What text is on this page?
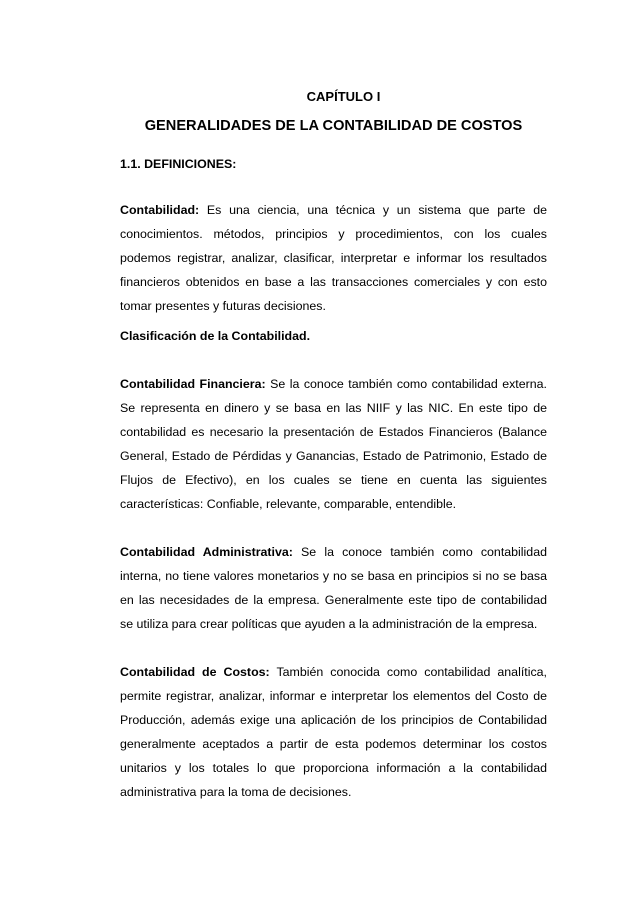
CAPÍTULO I

GENERALIDADES DE LA CONTABILIDAD DE COSTOS

1.1. DEFINICIONES:

Contabilidad: Es una ciencia, una técnica y un sistema que parte de conocimientos. métodos, principios y procedimientos, con los cuales podemos registrar, analizar, clasificar, interpretar e informar los resultados financieros obtenidos en base a las transacciones comerciales y con esto tomar presentes y futuras decisiones.

Clasificación de la Contabilidad.

Contabilidad Financiera: Se la conoce también como contabilidad externa. Se representa en dinero y se basa en las NIIF y las NIC. En este tipo de contabilidad es necesario la presentación de Estados Financieros (Balance General, Estado de Pérdidas y Ganancias, Estado de Patrimonio, Estado de Flujos de Efectivo), en los cuales se tiene en cuenta las siguientes características: Confiable, relevante, comparable, entendible.

Contabilidad Administrativa: Se la conoce también como contabilidad interna, no tiene valores monetarios y no se basa en principios si no se basa en las necesidades de la empresa. Generalmente este tipo de contabilidad se utiliza para crear políticas que ayuden a la administración de la empresa.

Contabilidad de Costos: También conocida como contabilidad analítica, permite registrar, analizar, informar e interpretar los elementos del Costo de Producción, además exige una aplicación de los principios de Contabilidad generalmente aceptados a partir de esta podemos determinar los costos unitarios y los totales lo que proporciona información a la contabilidad administrativa para la toma de decisiones.
